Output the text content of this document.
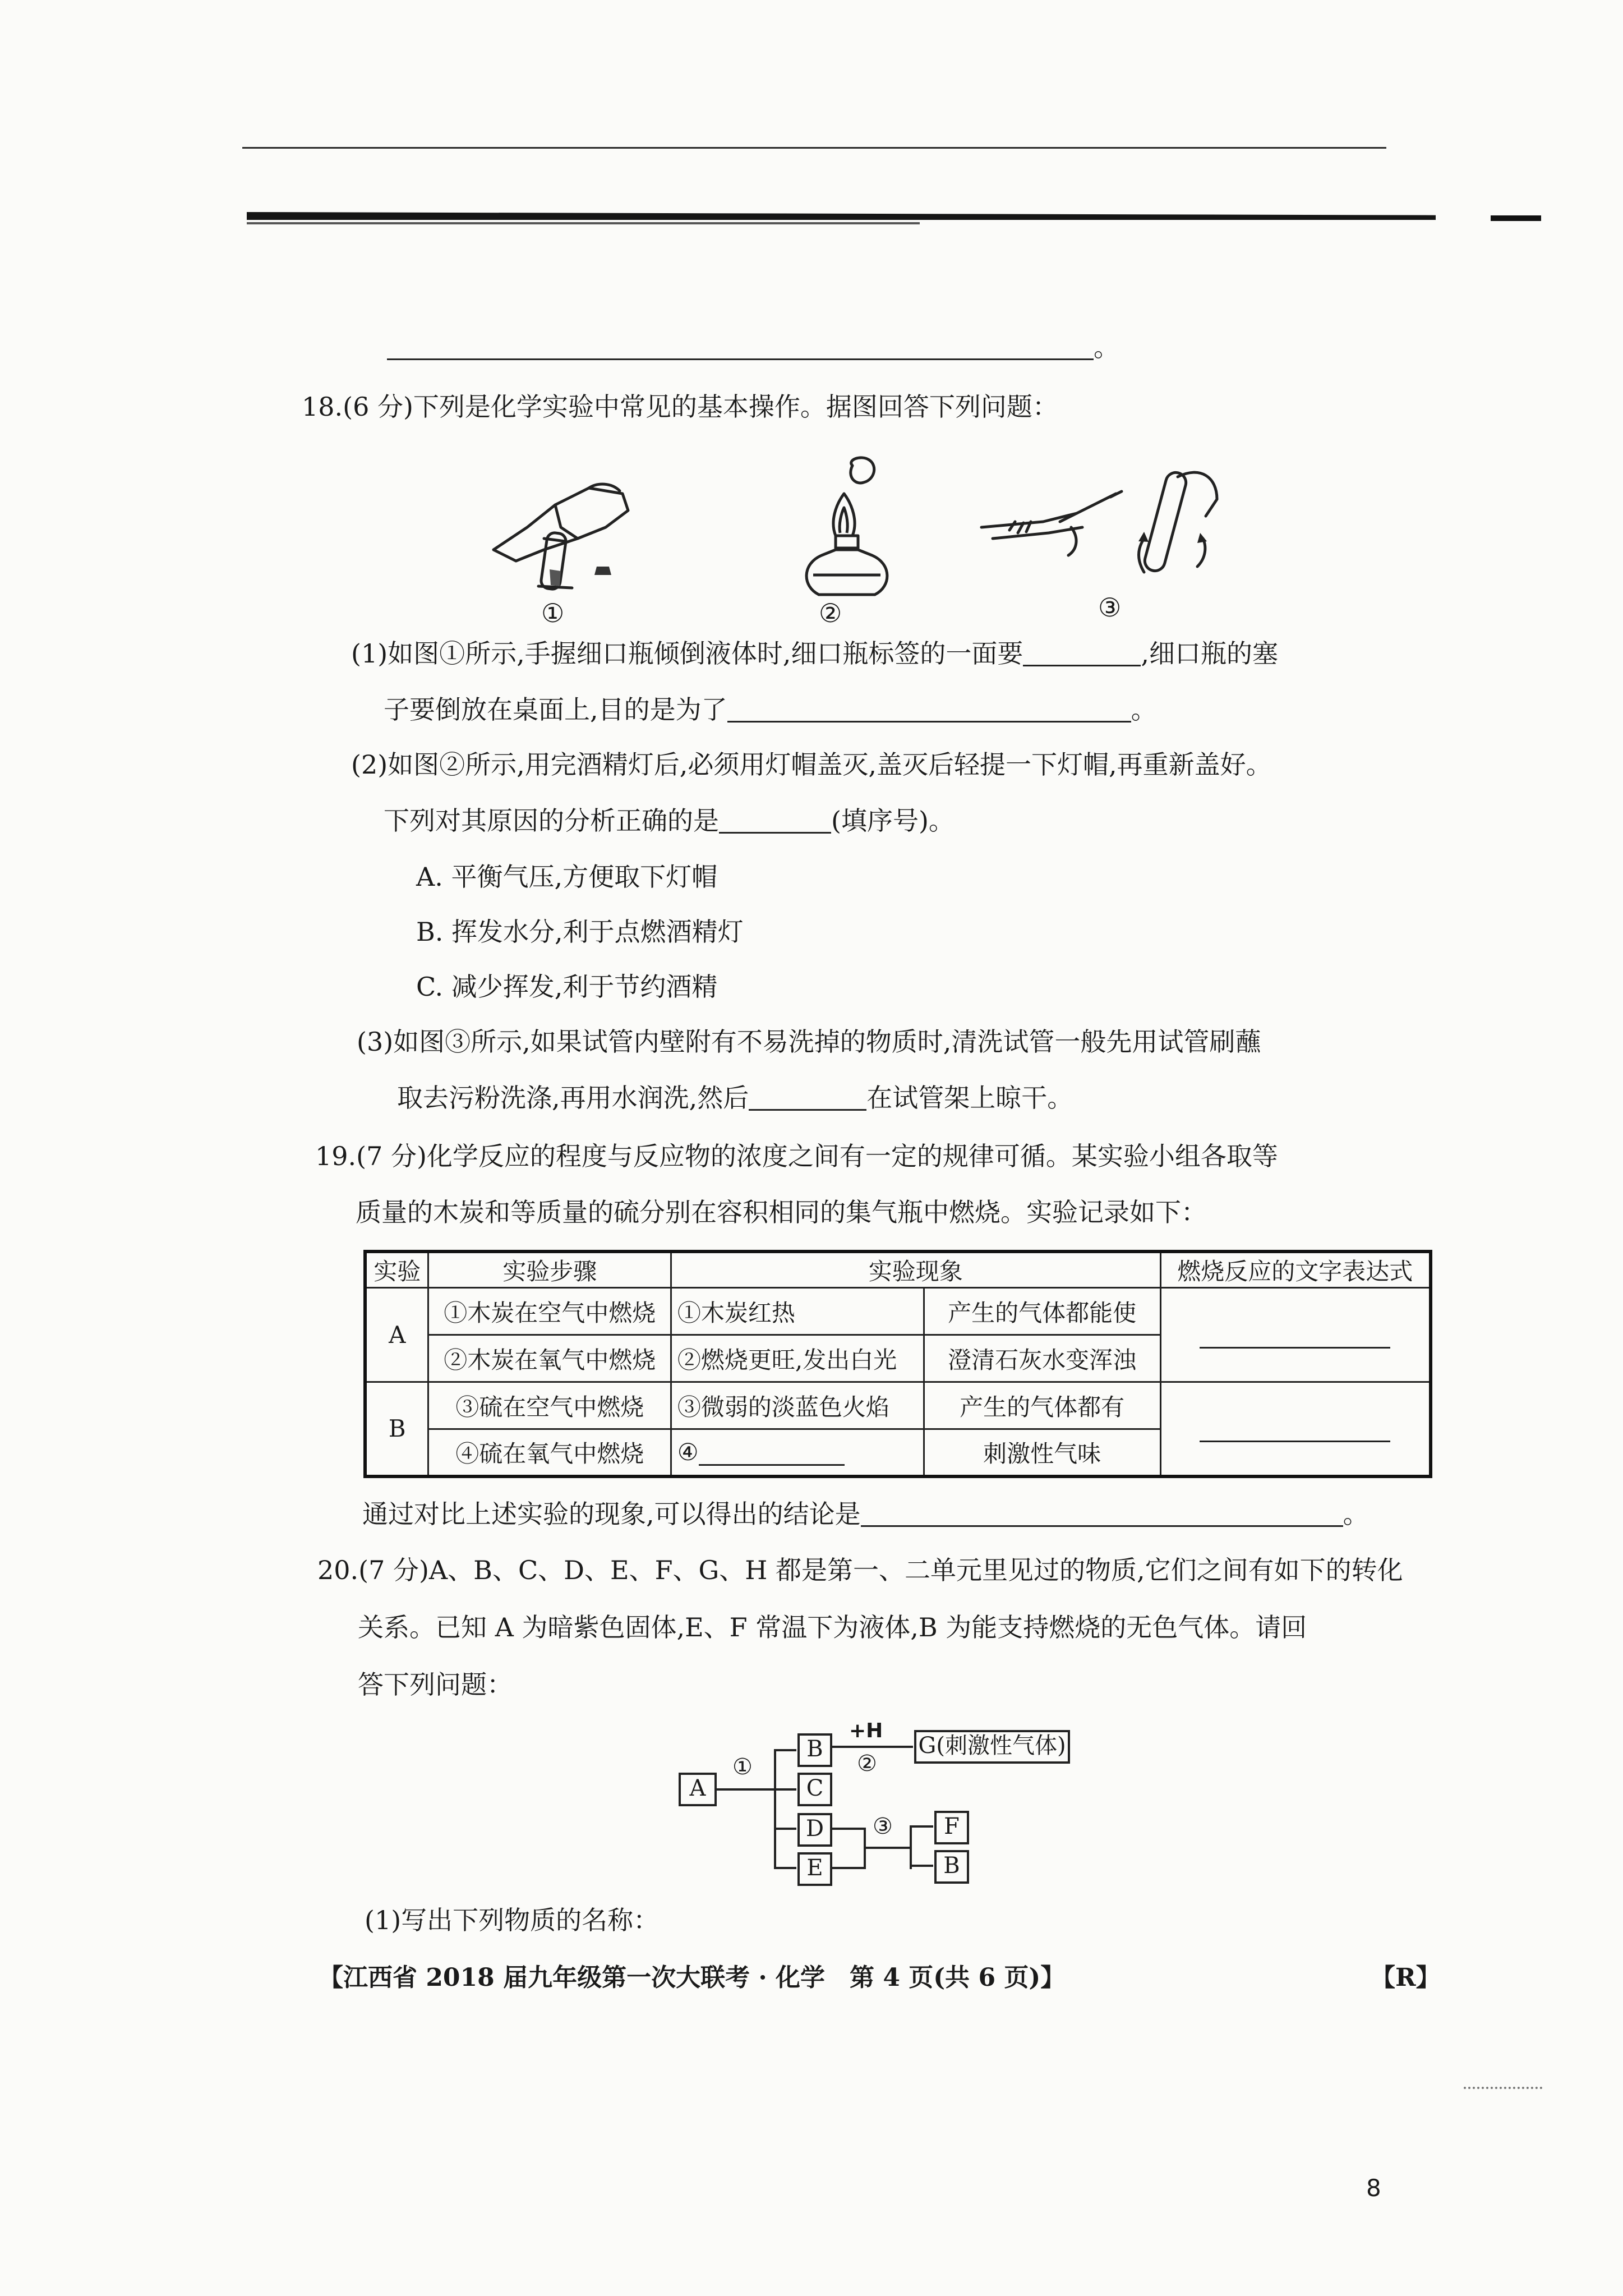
。
18.(6 分)下列是化学实验中常见的基本操作。据图回答下列问题：
①	②	③
(1)如图①所示,手握细口瓶倾倒液体时,细口瓶标签的一面要	,细口瓶的塞
子要倒放在桌面上,目的是为了	。
(2)如图②所示,用完酒精灯后,必须用灯帽盖灭,盖灭后轻提一下灯帽,再重新盖好。
下列对其原因的分析正确的是	(填序号)。
A. 平衡气压,方便取下灯帽
B. 挥发水分,利于点燃酒精灯
C. 减少挥发,利于节约酒精
(3)如图③所示,如果试管内壁附有不易洗掉的物质时,清洗试管一般先用试管刷蘸
取去污粉洗涤,再用水润洗,然后	在试管架上晾干。
19.(7 分)化学反应的程度与反应物的浓度之间有一定的规律可循。某实验小组各取等
质量的木炭和等质量的硫分别在容积相同的集气瓶中燃烧。实验记录如下：
实验	实验步骤	实验现象		燃烧反应的文字表达式
A	①木炭在空气中燃烧	①木炭红热	产生的气体都能使	
	②木炭在氧气中燃烧	②燃烧更旺,发出白光	澄清石灰水变浑浊	
B	③硫在空气中燃烧	③微弱的淡蓝色火焰	产生的气体都有	
	④硫在氧气中燃烧	④	刺激性气味	
通过对比上述实验的现象,可以得出的结论是	。
20.(7 分)A、B、C、D、E、F、G、H 都是第一、二单元里见过的物质,它们之间有如下的转化
关系。已知 A 为暗紫色固体,E、F 常温下为液体,B 为能支持燃烧的无色气体。请回
答下列问题：
A
B
C
D
E
G(刺激性气体)
F
B
①
+H
②
③
(1)写出下列物质的名称：
【江西省 2018 届九年级第一次大联考 · 化学　第 4 页(共 6 页)】	【R】
8
